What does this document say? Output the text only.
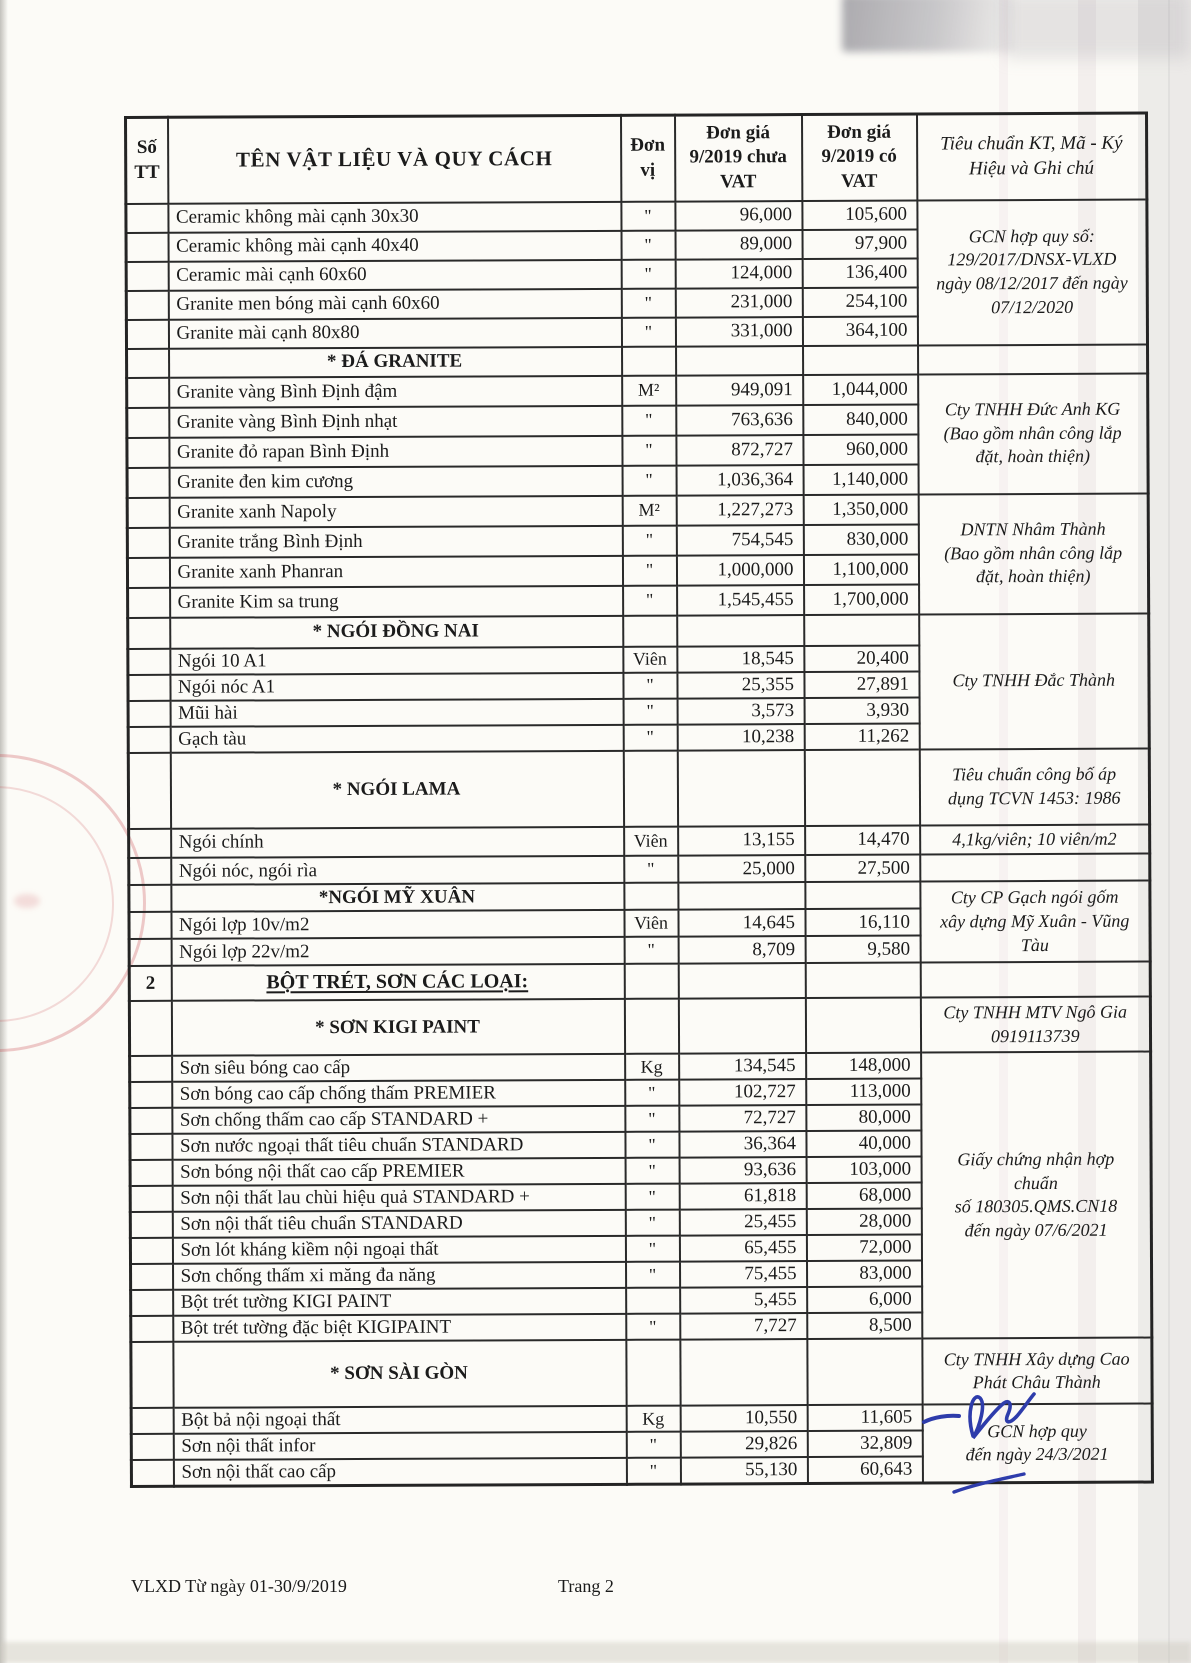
Số
TT	TÊN VẬT LIỆU VÀ QUY CÁCH	Đơn
vị	Đơn giá
9/2019 chưa
VAT	Đơn giá
9/2019 có
VAT	Tiêu chuẩn KT, Mã - Ký
Hiệu và Ghi chú
	Ceramic không mài cạnh 30x30	"	96,000	105,600	GCN hợp quy số:
129/2017/DNSX-VLXD
ngày 08/12/2017 đến ngày
07/12/2020
	Ceramic không mài cạnh 40x40	"	89,000	97,900	
	Ceramic mài cạnh 60x60	"	124,000	136,400	
	Granite men bóng mài cạnh 60x60	"	231,000	254,100	
	Granite mài cạnh 80x80	"	331,000	364,100	
	* ĐÁ GRANITE				
	Granite vàng Bình Định đậm	M²	949,091	1,044,000	Cty TNHH Đức Anh KG
(Bao gồm nhân công lắp
đặt, hoàn thiện)
	Granite vàng Bình Định nhạt	"	763,636	840,000	
	Granite đỏ rapan Bình Định	"	872,727	960,000	
	Granite đen kim cương	"	1,036,364	1,140,000	
	Granite xanh Napoly	M²	1,227,273	1,350,000	DNTN Nhâm Thành
(Bao gồm nhân công lắp
đặt, hoàn thiện)
	Granite trắng Bình Định	"	754,545	830,000	
	Granite xanh Phanran	"	1,000,000	1,100,000	
	Granite Kim sa trung	"	1,545,455	1,700,000	
	* NGÓI ĐỒNG NAI				Cty TNHH Đắc Thành
	Ngói 10 A1	Viên	18,545	20,400	
	Ngói nóc A1	"	25,355	27,891	
	Mũi hài	"	3,573	3,930	
	Gạch tàu	"	10,238	11,262	
	* NGÓI LAMA				Tiêu chuẩn công bố áp
dụng TCVN 1453: 1986
	Ngói chính	Viên	13,155	14,470	4,1kg/viên; 10 viên/m2
	Ngói nóc, ngói rìa	"	25,000	27,500	
	*NGÓI MỸ XUÂN				Cty CP Gạch ngói gốm
xây dựng Mỹ Xuân - Vũng
Tàu
	Ngói lợp 10v/m2	Viên	14,645	16,110	
	Ngói lợp 22v/m2	"	8,709	9,580	
2	BỘT TRÉT, SƠN CÁC LOẠI:				
	* SƠN KIGI PAINT				Cty TNHH MTV Ngô Gia
0919113739
	Sơn siêu bóng cao cấp	Kg	134,545	148,000	Giấy chứng nhận hợp
chuẩn
số 180305.QMS.CN18
đến ngày 07/6/2021
	Sơn bóng cao cấp chống thấm PREMIER	"	102,727	113,000	
	Sơn chống thấm cao cấp STANDARD +	"	72,727	80,000	
	Sơn nước ngoại thất tiêu chuẩn STANDARD	"	36,364	40,000	
	Sơn bóng nội thất cao cấp PREMIER	"	93,636	103,000	
	Sơn nội thất lau chùi hiệu quả STANDARD +	"	61,818	68,000	
	Sơn nội thất tiêu chuẩn STANDARD	"	25,455	28,000	
	Sơn lót kháng kiềm nội ngoại thất	"	65,455	72,000	
	Sơn chống thấm xi măng đa năng	"	75,455	83,000	
	Bột trét tường KIGI PAINT		5,455	6,000	
	Bột trét tường đặc biệt KIGIPAINT	"	7,727	8,500	
	* SƠN SÀI GÒN				Cty TNHH Xây dựng Cao
Phát Châu Thành
	Bột bả nội ngoại thất	Kg	10,550	11,605	GCN hợp quy
đến ngày 24/3/2021
	Sơn nội thất infor	"	29,826	32,809	
	Sơn nội thất cao cấp	"	55,130	60,643	
VLXD Từ ngày 01-30/9/2019	Trang 2
